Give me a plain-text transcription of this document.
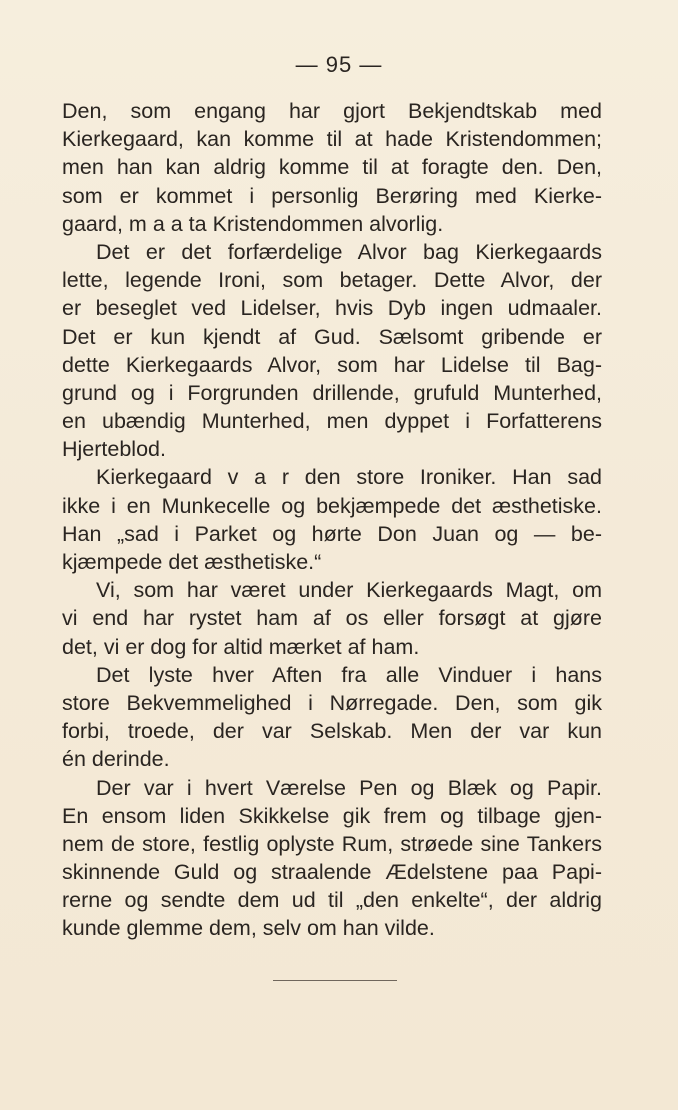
— 95 —
Den, som engang har gjort Bekjendtskab med
Kierkegaard, kan komme til at hade Kristendommen;
men han kan aldrig komme til at foragte den. Den,
som er kommet i personlig Berøring med Kierke-
gaard, m a a ta Kristendommen alvorlig.
Det er det forfærdelige Alvor bag Kierkegaards
lette, legende Ironi, som betager. Dette Alvor, der
er beseglet ved Lidelser, hvis Dyb ingen udmaaler.
Det er kun kjendt af Gud. Sælsomt gribende er
dette Kierkegaards Alvor, som har Lidelse til Bag-
grund og i Forgrunden drillende, grufuld Munterhed,
en ubændig Munterhed, men dyppet i Forfatterens
Hjerteblod.
Kierkegaard v a r den store Ironiker. Han sad
ikke i en Munkecelle og bekjæmpede det æsthetiske.
Han „sad i Parket og hørte Don Juan og — be-
kjæmpede det æsthetiske.“
Vi, som har været under Kierkegaards Magt, om
vi end har rystet ham af os eller forsøgt at gjøre
det, vi er dog for altid mærket af ham.
Det lyste hver Aften fra alle Vinduer i hans
store Bekvemmelighed i Nørregade. Den, som gik
forbi, troede, der var Selskab. Men der var kun
én derinde.
Der var i hvert Værelse Pen og Blæk og Papir.
En ensom liden Skikkelse gik frem og tilbage gjen-
nem de store, festlig oplyste Rum, strøede sine Tankers
skinnende Guld og straalende Ædelstene paa Papi-
rerne og sendte dem ud til „den enkelte“, der aldrig
kunde glemme dem, selv om han vilde.
